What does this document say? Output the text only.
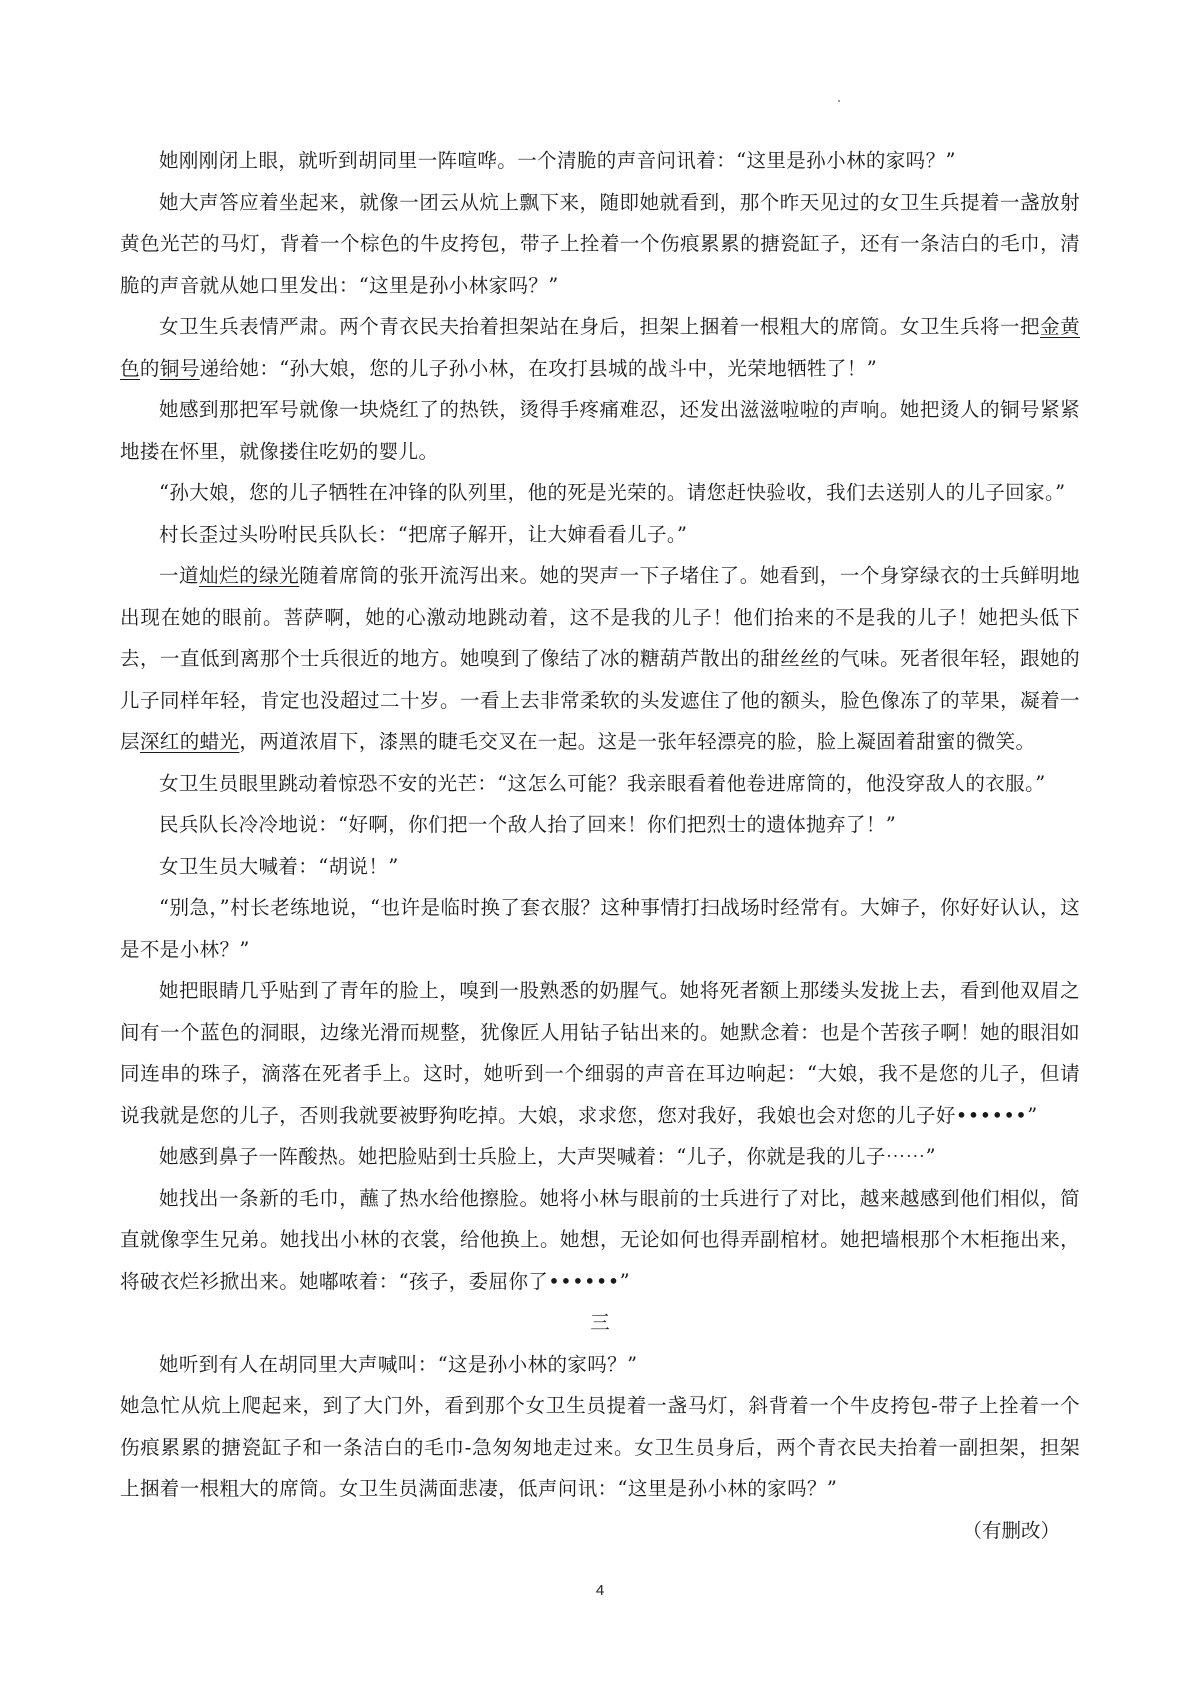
她刚刚闭上眼，就听到胡同里一阵喧哗。一个清脆的声音问讯着：“这里是孙小林的家吗？”

她大声答应着坐起来，就像一团云从炕上飘下来，随即她就看到，那个昨天见过的女卫生兵提着一盏放射黄色光芒的马灯，背着一个棕色的牛皮挎包，带子上拴着一个伤痕累累的搪瓷缸子，还有一条洁白的毛巾，清脆的声音就从她口里发出：“这里是孙小林家吗？”

女卫生兵表情严肃。两个青衣民夫抬着担架站在身后，担架上捆着一根粗大的席筒。女卫生兵将一把金黄色的铜号递给她：“孙大娘，您的儿子孙小林，在攻打县城的战斗中，光荣地牺牲了！”

她感到那把军号就像一块烧红了的热铁，烫得手疼痛难忍，还发出滋滋啦啦的声响。她把烫人的铜号紧紧地搂在怀里，就像搂住吃奶的婴儿。

“孙大娘，您的儿子牺牲在冲锋的队列里，他的死是光荣的。请您赶快验收，我们去送别人的儿子回家。”

村长歪过头吩咐民兵队长：“把席子解开，让大婶看看儿子。”

一道灿烂的绿光随着席筒的张开流泻出来。她的哭声一下子堵住了。她看到，一个身穿绿衣的士兵鲜明地出现在她的眼前。菩萨啊，她的心激动地跳动着，这不是我的儿子！他们抬来的不是我的儿子！她把头低下去，一直低到离那个士兵很近的地方。她嗅到了像结了冰的糖葫芦散出的甜丝丝的气味。死者很年轻，跟她的儿子同样年轻，肯定也没超过二十岁。一看上去非常柔软的头发遮住了他的额头，脸色像冻了的苹果，凝着一层深红的蜡光，两道浓眉下，漆黑的睫毛交叉在一起。这是一张年轻漂亮的脸，脸上凝固着甜蜜的微笑。

女卫生员眼里跳动着惊恐不安的光芒：“这怎么可能？我亲眼看着他卷进席筒的，他没穿敌人的衣服。”

民兵队长冷冷地说：“好啊，你们把一个敌人抬了回来！你们把烈士的遗体抛弃了！”

女卫生员大喊着：“胡说！”

“别急，”村长老练地说，“也许是临时换了套衣服？这种事情打扫战场时经常有。大婶子，你好好认认，这是不是小林？”

她把眼睛几乎贴到了青年的脸上，嗅到一股熟悉的奶腥气。她将死者额上那缕头发拢上去，看到他双眉之间有一个蓝色的洞眼，边缘光滑而规整，犹像匠人用钻子钻出来的。她默念着：也是个苦孩子啊！她的眼泪如同连串的珠子，滴落在死者手上。这时，她听到一个细弱的声音在耳边响起：“大娘，我不是您的儿子，但请说我就是您的儿子，否则我就要被野狗吃掉。大娘，求求您，您对我好，我娘也会对您的儿子好••••••”

她感到鼻子一阵酸热。她把脸贴到士兵脸上，大声哭喊着：“儿子，你就是我的儿子⋯⋯”

她找出一条新的毛巾，蘸了热水给他擦脸。她将小林与眼前的士兵进行了对比，越来越感到他们相似，简直就像孪生兄弟。她找出小林的衣裳，给他换上。她想，无论如何也得弄副棺材。她把墙根那个木柜拖出来，将破衣烂衫掀出来。她嘟哝着：“孩子，委屈你了••••••”

三

她听到有人在胡同里大声喊叫：“这是孙小林的家吗？”

她急忙从炕上爬起来，到了大门外，看到那个女卫生员提着一盏马灯，斜背着一个牛皮挎包-带子上拴着一个伤痕累累的搪瓷缸子和一条洁白的毛巾-急匆匆地走过来。女卫生员身后，两个青衣民夫抬着一副担架，担架上捆着一根粗大的席筒。女卫生员满面悲凄，低声问讯：“这里是孙小林的家吗？”

（有删改）

4
